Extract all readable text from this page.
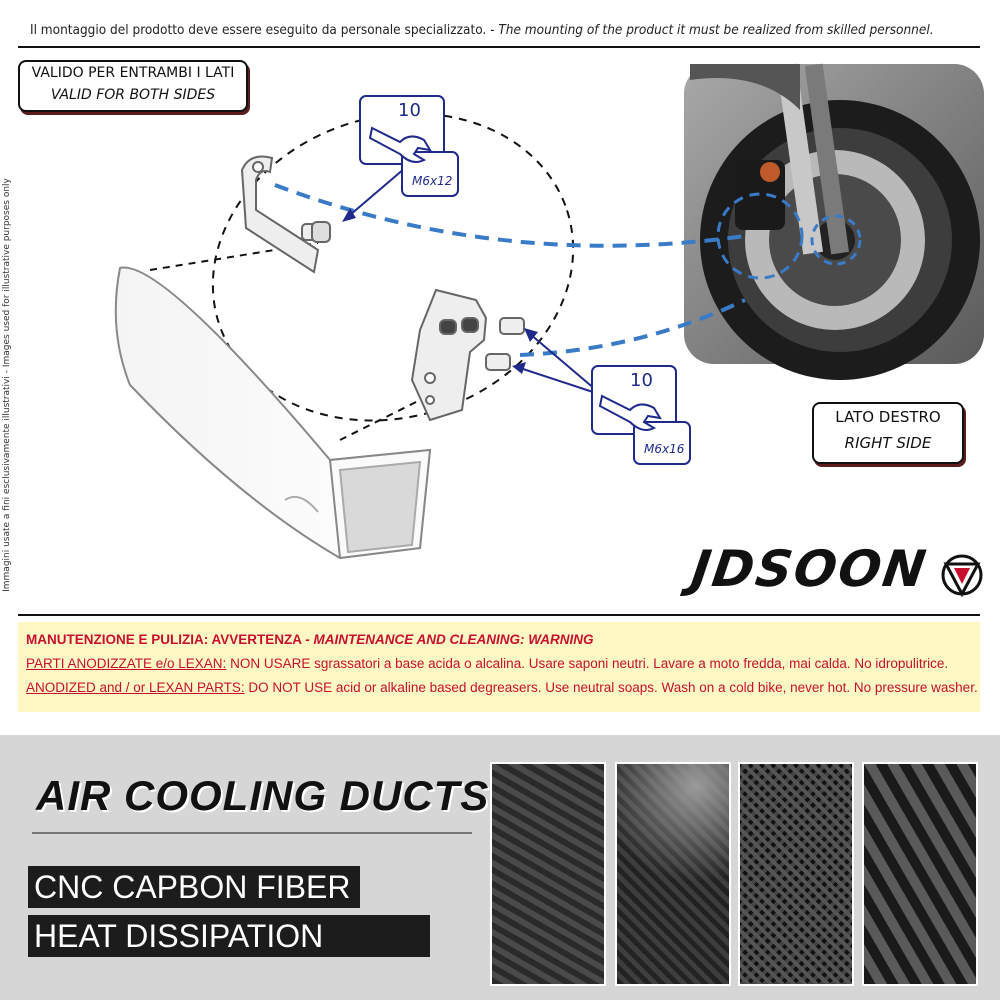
Il montaggio del prodotto deve essere eseguito da personale specializzato. - The mounting of the product it must be realized from skilled personnel.
Immagini usate a fini esclusivamente illustrativi - Images used for illustrative purposes only
10
M6x12
10
M6x16
VALIDO PER ENTRAMBI I LATI
VALID FOR BOTH SIDES
LATO DESTRO
RIGHT SIDE
JDSOON
MANUTENZIONE E PULIZIA: AVVERTENZA - MAINTENANCE AND CLEANING: WARNING
PARTI ANODIZZATE e/o LEXAN: NON USARE sgrassatori a base acida o alcalina. Usare saponi neutri. Lavare a moto fredda, mai calda. No idropulitrice.
ANODIZED and / or LEXAN PARTS: DO NOT USE acid or alkaline based degreasers. Use neutral soaps. Wash on a cold bike, never hot. No pressure washer.
AIR COOLING DUCTS
CNC CAPBON FIBER
HEAT DISSIPATION
